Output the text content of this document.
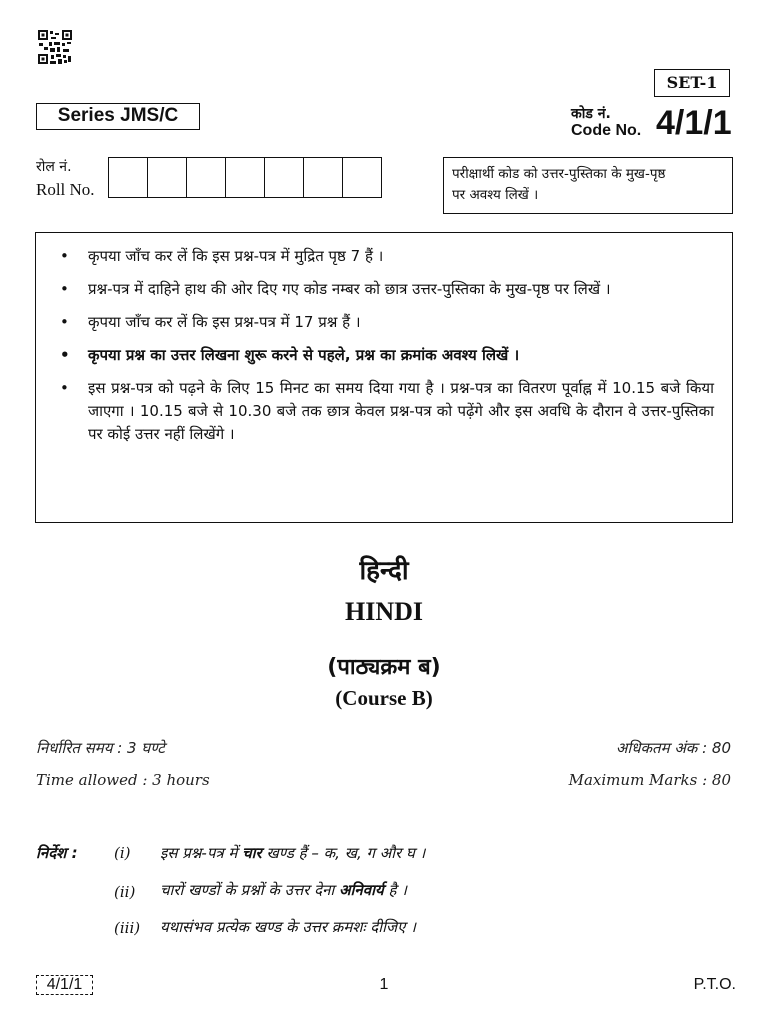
SET-1
Series JMS/C	कोड नं.
Code No. 4/1/1
रोल नं.
Roll No.
परीक्षार्थी कोड को उत्तर-पुस्तिका के मुख-पृष्ठ
पर अवश्य लिखें ।
• कृपया जाँच कर लें कि इस प्रश्न-पत्र में मुद्रित पृष्ठ 7 हैं ।
• प्रश्न-पत्र में दाहिने हाथ की ओर दिए गए कोड नम्बर को छात्र उत्तर-पुस्तिका के मुख-पृष्ठ पर लिखें ।
• कृपया जाँच कर लें कि इस प्रश्न-पत्र में 17 प्रश्न हैं ।
• कृपया प्रश्न का उत्तर लिखना शुरू करने से पहले, प्रश्न का क्रमांक अवश्य लिखें ।
• इस प्रश्न-पत्र को पढ़ने के लिए 15 मिनट का समय दिया गया है । प्रश्न-पत्र का वितरण पूर्वाह्न में 10.15 बजे किया जाएगा । 10.15 बजे से 10.30 बजे तक छात्र केवल प्रश्न-पत्र को पढ़ेंगे और इस अवधि के दौरान वे उत्तर-पुस्तिका पर कोई उत्तर नहीं लिखेंगे ।
हिन्दी
HINDI
(पाठ्यक्रम ब)
(Course B)
निर्धारित समय : 3 घण्टे
Time allowed : 3 hours
अधिकतम अंक : 80
Maximum Marks : 80
निर्देश : (i) इस प्रश्न-पत्र में चार खण्ड हैं – क, ख, ग और घ ।
(ii) चारों खण्डों के प्रश्नों के उत्तर देना अनिवार्य है ।
(iii) यथासंभव प्रत्येक खण्ड के उत्तर क्रमशः दीजिए ।
4/1/1	1	P.T.O.
